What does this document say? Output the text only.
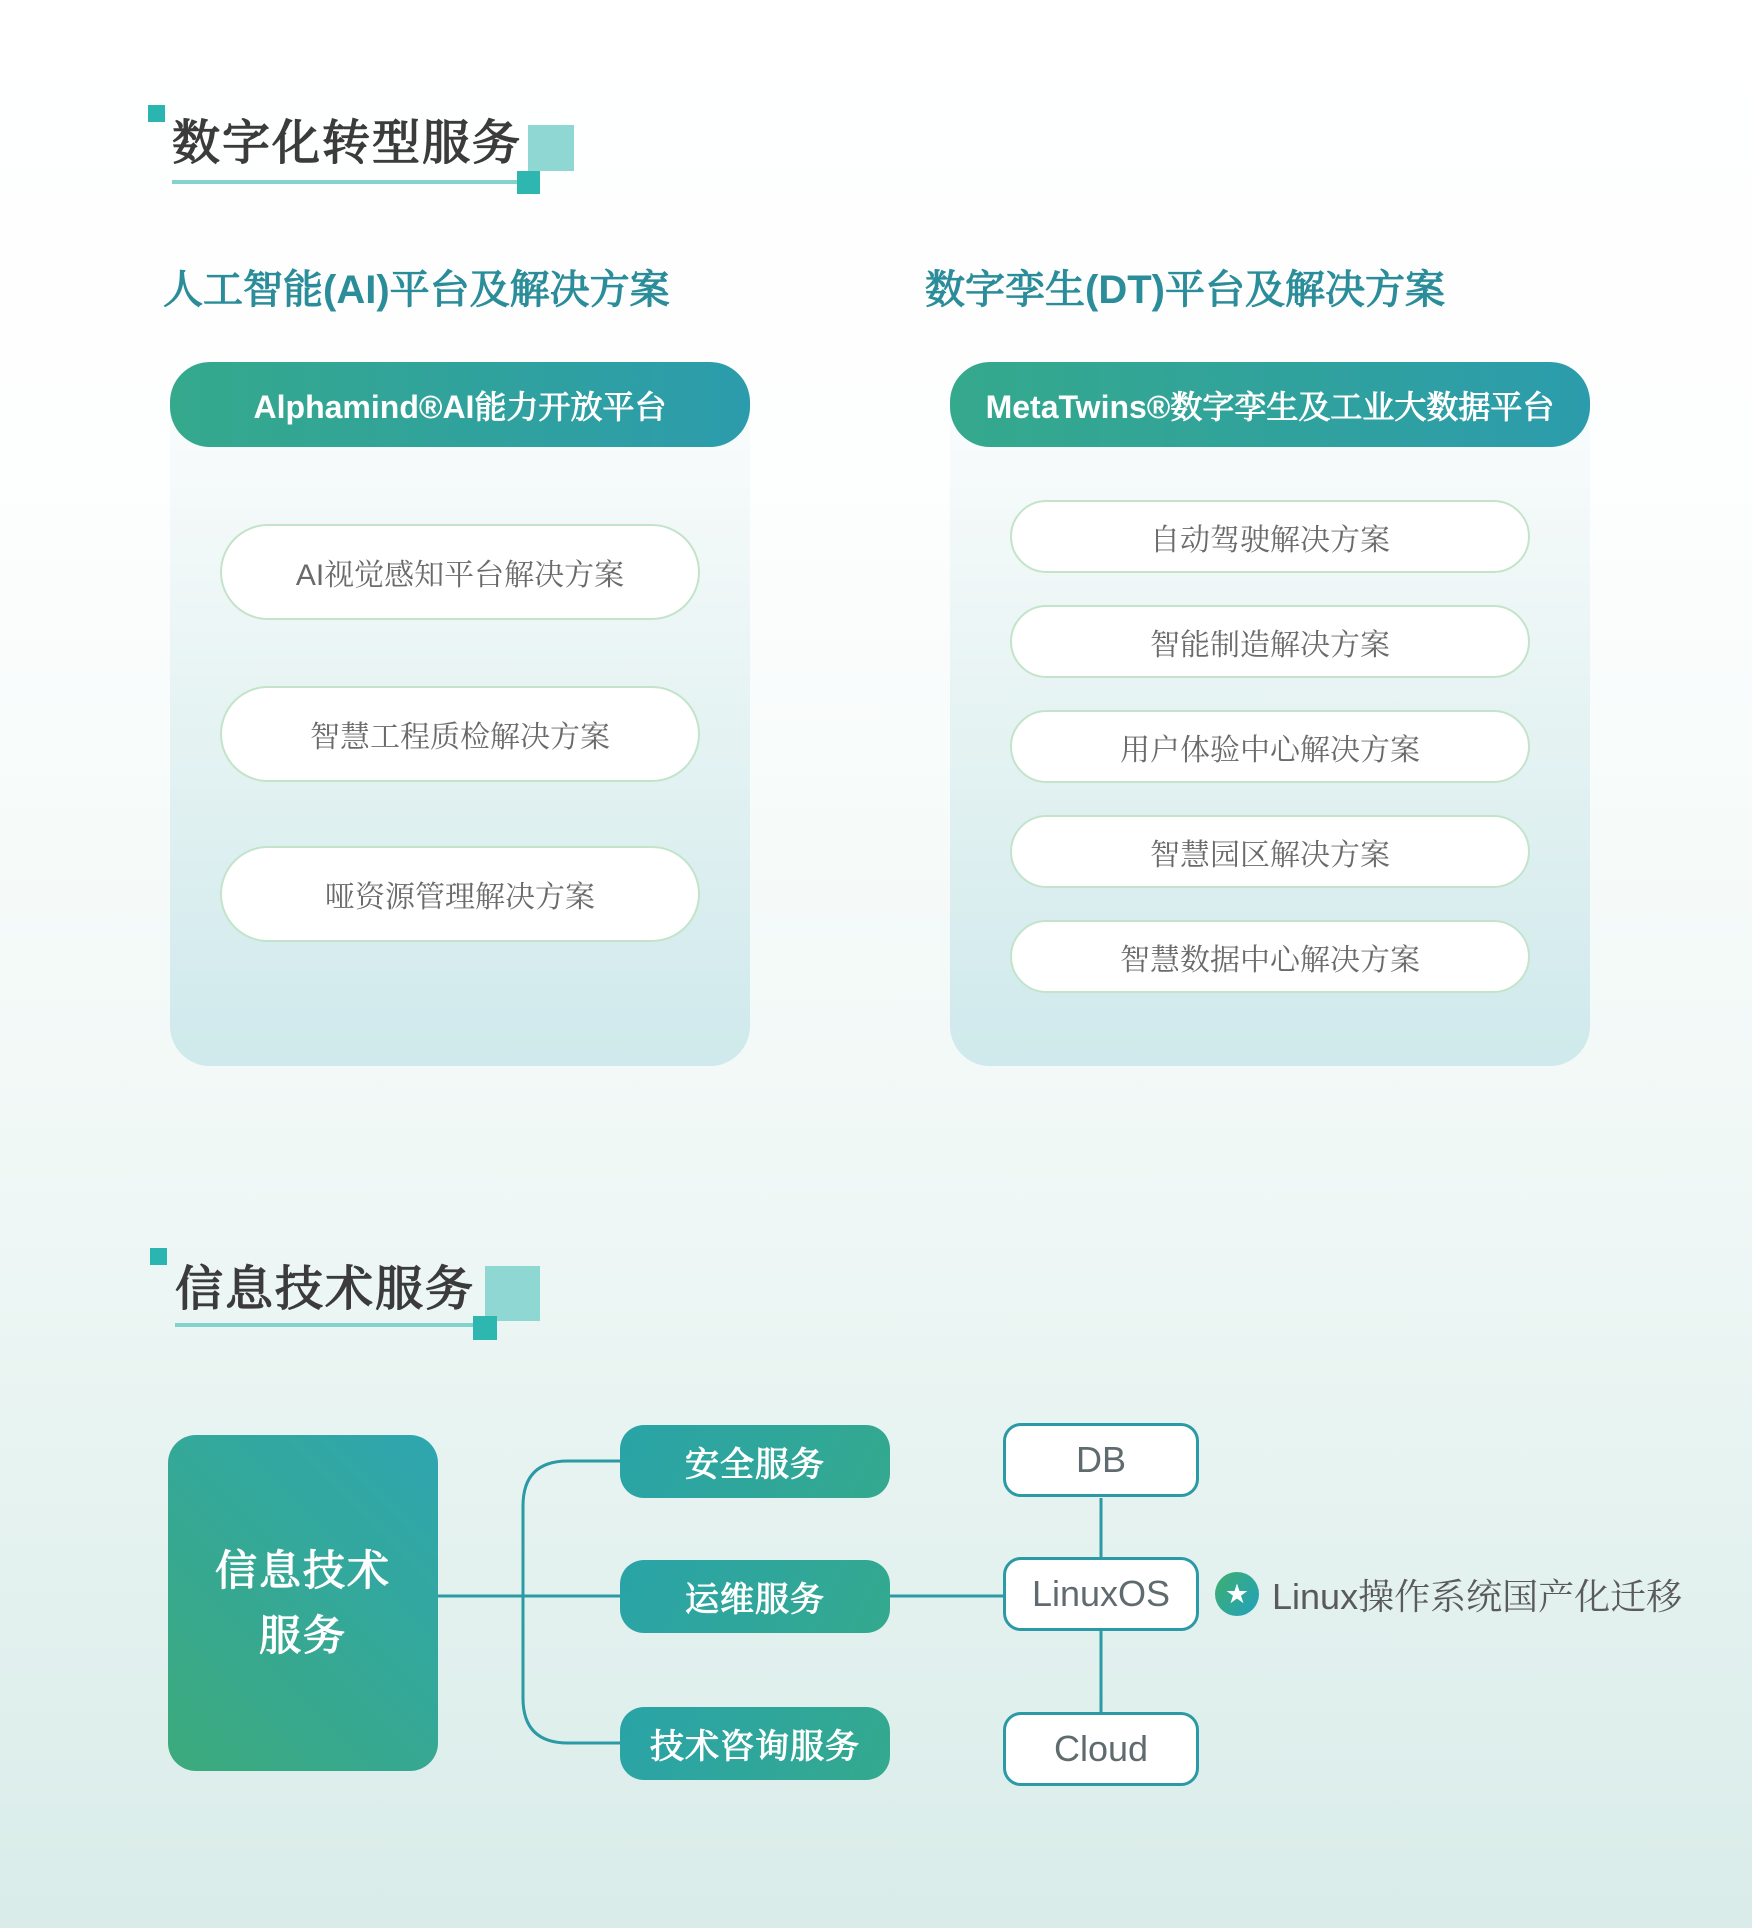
数字化转型服务
人工智能(AI)平台及解决方案	数字孪生(DT)平台及解决方案
Alphamind®AI能力开放平台
AI视觉感知平台解决方案
智慧工程质检解决方案
哑资源管理解决方案
MetaTwins®数字孪生及工业大数据平台
自动驾驶解决方案
智能制造解决方案
用户体验中心解决方案
智慧园区解决方案
智慧数据中心解决方案
信息技术服务
信息技术
服务
安全服务
运维服务
技术咨询服务
DB
LinuxOS
Cloud
★ Linux操作系统国产化迁移
